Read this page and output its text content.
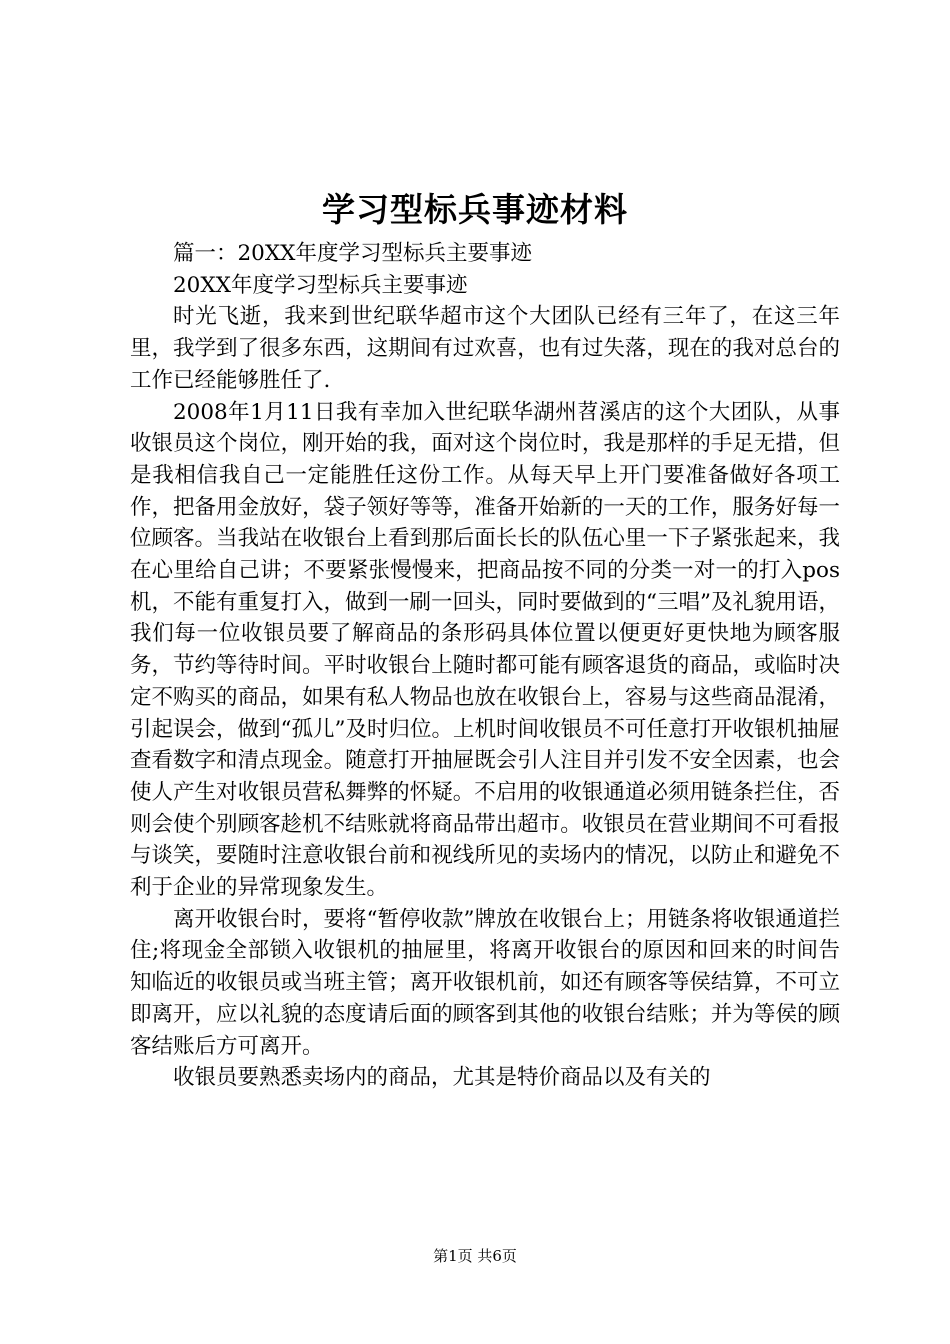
学习型标兵事迹材料

篇一：20XX年度学习型标兵主要事迹

20XX年度学习型标兵主要事迹

时光飞逝，我来到世纪联华超市这个大团队已经有三年了，在这三年里，我学到了很多东西，这期间有过欢喜，也有过失落，现在的我对总台的工作已经能够胜任了.

2008年1月11日我有幸加入世纪联华湖州苕溪店的这个大团队，从事收银员这个岗位，刚开始的我，面对这个岗位时，我是那样的手足无措，但是我相信我自己一定能胜任这份工作。从每天早上开门要准备做好各项工作，把备用金放好，袋子领好等等，准备开始新的一天的工作，服务好每一位顾客。当我站在收银台上看到那后面长长的队伍心里一下子紧张起来，我在心里给自己讲；不要紧张慢慢来，把商品按不同的分类一对一的打入pos机，不能有重复打入，做到一刷一回头，同时要做到的“三唱”及礼貌用语，我们每一位收银员要了解商品的条形码具体位置以便更好更快地为顾客服务，节约等待时间。平时收银台上随时都可能有顾客退货的商品，或临时决定不购买的商品，如果有私人物品也放在收银台上，容易与这些商品混淆，引起误会，做到“孤儿”及时归位。上机时间收银员不可任意打开收银机抽屉查看数字和清点现金。随意打开抽屉既会引人注目并引发不安全因素，也会使人产生对收银员营私舞弊的怀疑。不启用的收银通道必须用链条拦住，否则会使个别顾客趁机不结账就将商品带出超市。收银员在营业期间不可看报与谈笑，要随时注意收银台前和视线所见的卖场内的情况，以防止和避免不利于企业的异常现象发生。

离开收银台时，要将“暂停收款”牌放在收银台上；用链条将收银通道拦住;将现金全部锁入收银机的抽屉里，将离开收银台的原因和回来的时间告知临近的收银员或当班主管；离开收银机前，如还有顾客等侯结算，不可立即离开，应以礼貌的态度请后面的顾客到其他的收银台结账；并为等侯的顾客结账后方可离开。

收银员要熟悉卖场内的商品，尤其是特价商品以及有关的

第1页 共6页
